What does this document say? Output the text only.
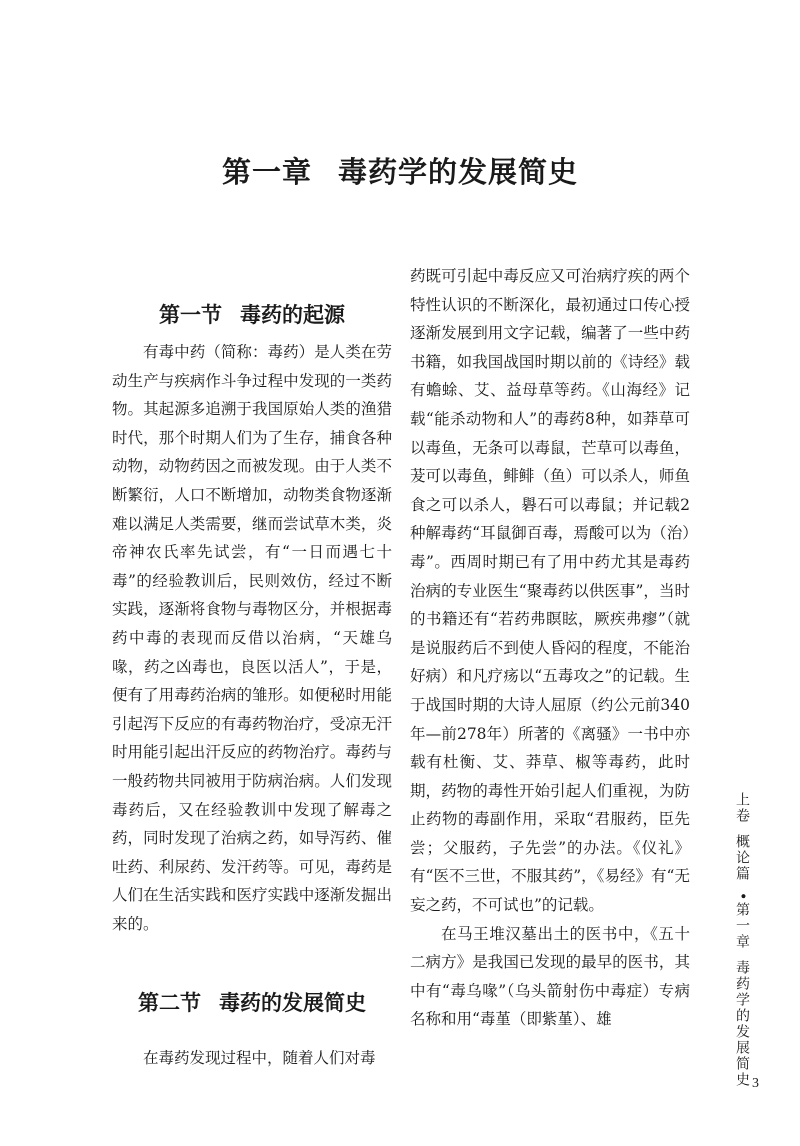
第一章 毒药学的发展简史
第一节 毒药的起源

有毒中药（简称：毒药）是人类在劳动生产与疾病作斗争过程中发现的一类药物。其起源多追溯于我国原始人类的渔猎时代，那个时期人们为了生存，捕食各种动物，动物药因之而被发现。由于人类不断繁衍，人口不断增加，动物类食物逐渐难以满足人类需要，继而尝试草木类，炎帝神农氏率先试尝，有“一日而遇七十毒”的经验教训后，民则效仿，经过不断实践，逐渐将食物与毒物区分，并根据毒药中毒的表现而反借以治病，“天雄乌喙，药之凶毒也，良医以活人”，于是，便有了用毒药治病的雏形。如便秘时用能引起泻下反应的有毒药物治疗，受凉无汗时用能引起出汗反应的药物治疗。毒药与一般药物共同被用于防病治病。人们发现毒药后，又在经验教训中发现了解毒之药，同时发现了治病之药，如导泻药、催吐药、利尿药、发汗药等。可见，毒药是人们在生活实践和医疗实践中逐渐发掘出来的。

第二节 毒药的发展简史

在毒药发现过程中，随着人们对毒

药既可引起中毒反应又可治病疗疾的两个特性认识的不断深化，最初通过口传心授逐渐发展到用文字记载，编著了一些中药书籍，如我国战国时期以前的《诗经》载有蟾蜍、艾、益母草等药。《山海经》记载“能杀动物和人”的毒药8种，如莽草可以毒鱼，无条可以毒鼠，芒草可以毒鱼，茇可以毒鱼，鲱鲱（鱼）可以杀人，师鱼食之可以杀人，礜石可以毒鼠；并记载2种解毒药“耳鼠御百毒，焉酸可以为（治）毒”。西周时期已有了用中药尤其是毒药治病的专业医生“聚毒药以供医事”，当时的书籍还有“若药弗瞑眩，厥疾弗瘳”（就是说服药后不到使人昏闷的程度，不能治好病）和凡疗疡以“五毒攻之”的记载。生于战国时期的大诗人屈原（约公元前340年—前278年）所著的《离骚》一书中亦载有杜衡、艾、莽草、椒等毒药，此时期，药物的毒性开始引起人们重视，为防止药物的毒副作用，采取“君服药，臣先尝；父服药，子先尝”的办法。《仪礼》有“医不三世，不服其药”，《易经》有“无妄之药，不可试也”的记载。

在马王堆汉墓出土的医书中，《五十二病方》是我国已发现的最早的医书，其中有“毒乌喙”（乌头箭射伤中毒症）专病名称和用“毒堇（即紫堇）、雄

上卷概论篇•第一章毒药学的发展简史 3
